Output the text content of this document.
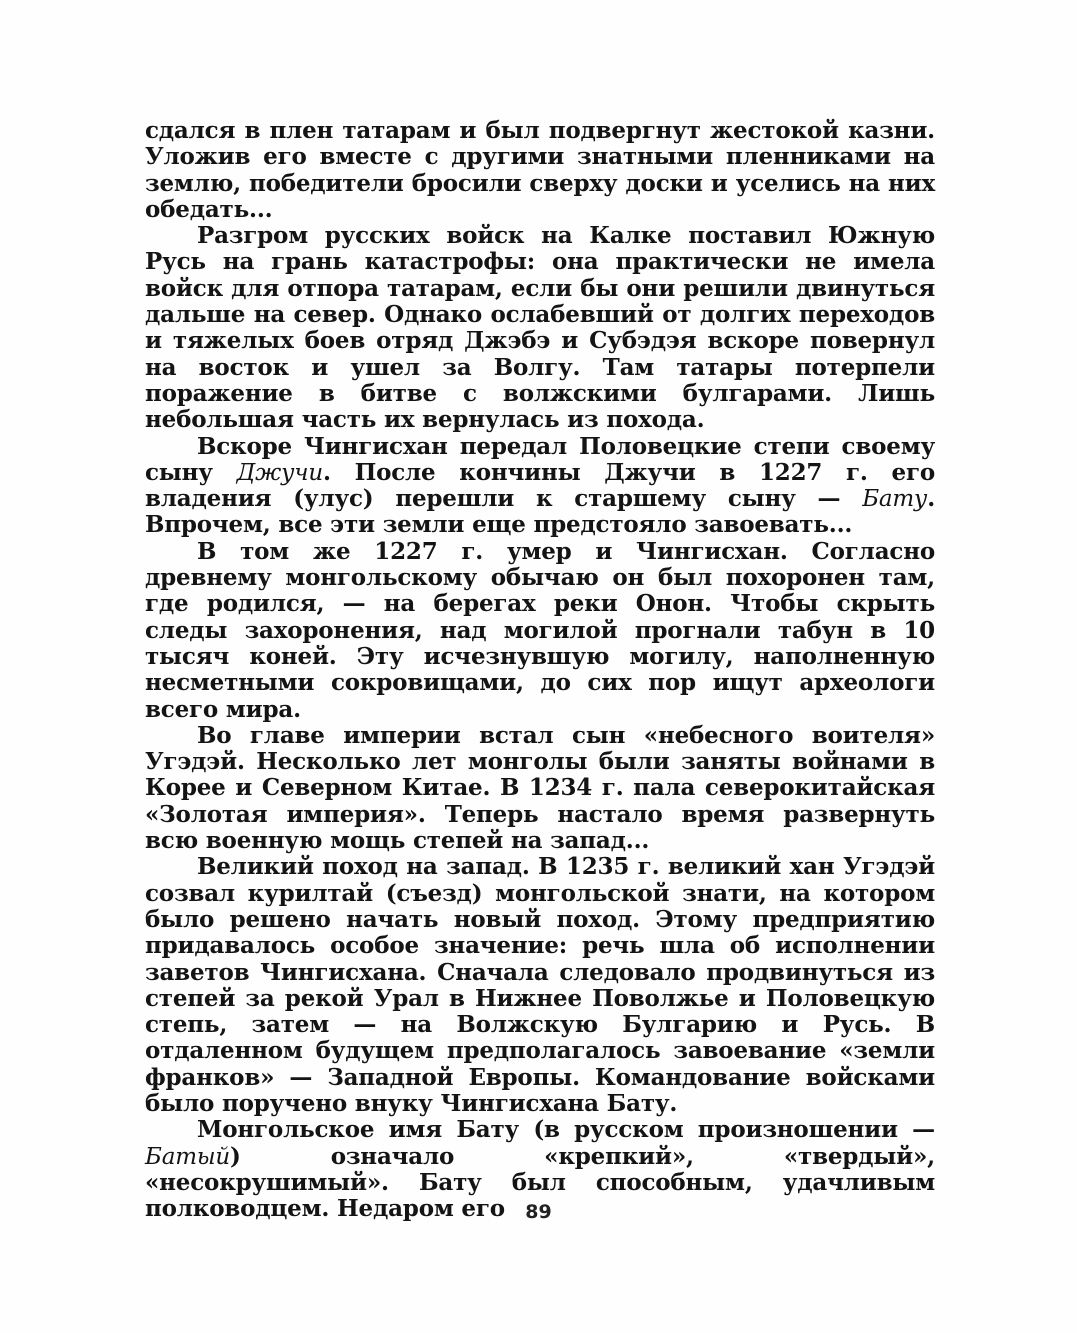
сдался в плен татарам и был подвергнут жестокой казни. Уложив его вместе с другими знатными пленниками на землю, победители бросили сверху доски и уселись на них обедать...

Разгром русских войск на Калке поставил Южную Русь на грань катастрофы: она практически не имела войск для отпора татарам, если бы они решили двинуться дальше на север. Однако ослабевший от долгих переходов и тяжелых боев отряд Джэбэ и Субэдэя вскоре повернул на восток и ушел за Волгу. Там татары потерпели поражение в битве с волжскими булгарами. Лишь небольшая часть их вернулась из похода.

Вскоре Чингисхан передал Половецкие степи своему сыну Джучи. После кончины Джучи в 1227 г. его владения (улус) перешли к старшему сыну — Бату. Впрочем, все эти земли еще предстояло завоевать...

В том же 1227 г. умер и Чингисхан. Согласно древнему монгольскому обычаю он был похоронен там, где родился, — на берегах реки Онон. Чтобы скрыть следы захоронения, над могилой прогнали табун в 10 тысяч коней. Эту исчезнувшую могилу, наполненную несметными сокровищами, до сих пор ищут археологи всего мира.

Во главе империи встал сын «небесного воителя» Угэдэй. Несколько лет монголы были заняты войнами в Корее и Северном Китае. В 1234 г. пала северокитайская «Золотая империя». Теперь настало время развернуть всю военную мощь степей на запад...

Великий поход на запад. В 1235 г. великий хан Угэдэй созвал курилтай (съезд) монгольской знати, на котором было решено начать новый поход. Этому предприятию придавалось особое значение: речь шла об исполнении заветов Чингисхана. Сначала следовало продвинуться из степей за рекой Урал в Нижнее Поволжье и Половецкую степь, затем — на Волжскую Булгарию и Русь. В отдаленном будущем предполагалось завоевание «земли франков» — Западной Европы. Командование войсками было поручено внуку Чингисхана Бату.

Монгольское имя Бату (в русском произношении — Батый) означало «крепкий», «твердый», «несокрушимый». Бату был способным, удачливым полководцем. Недаром его	89
